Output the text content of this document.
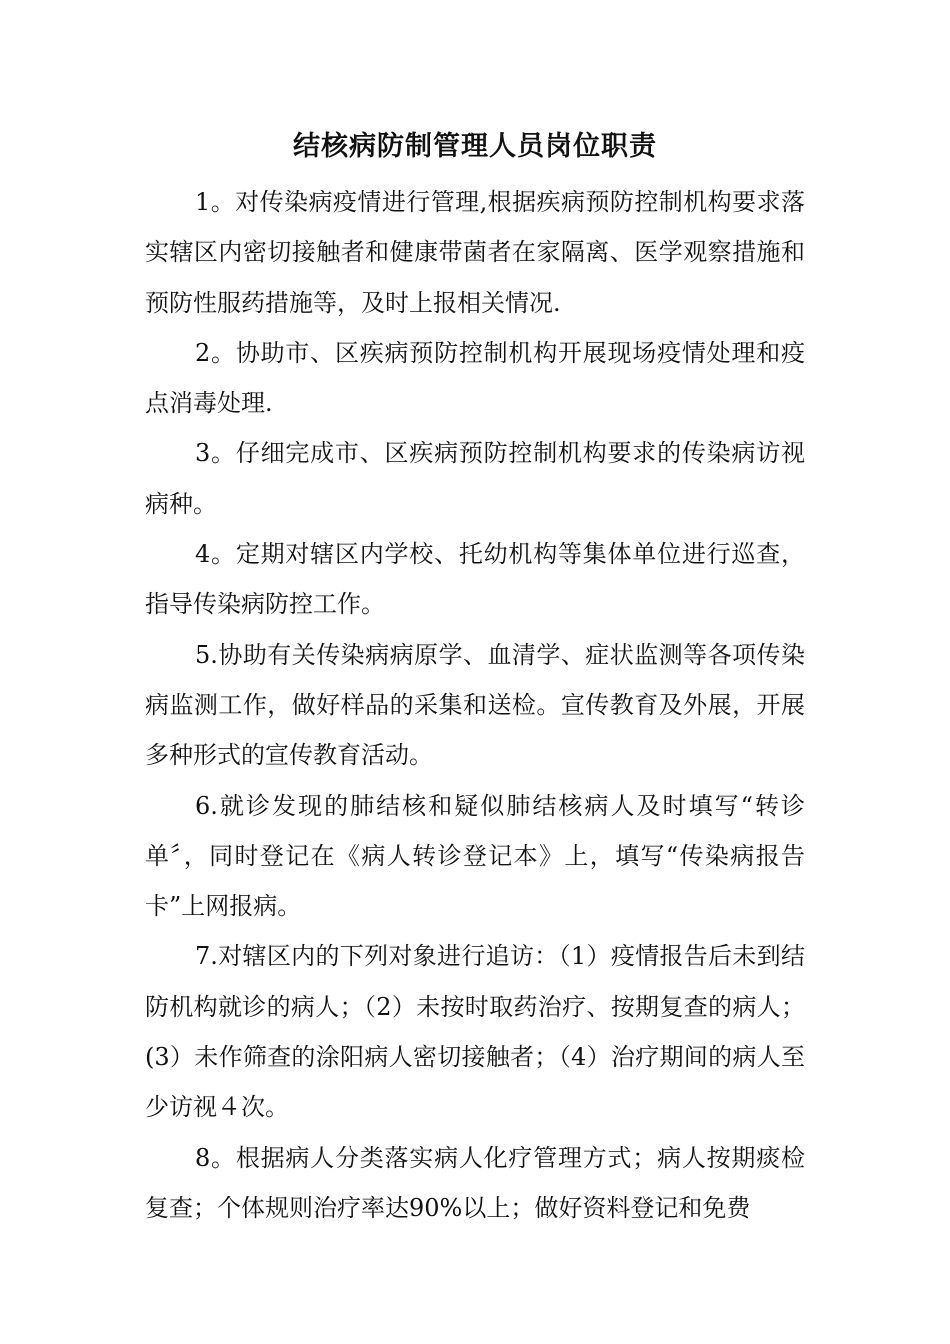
结核病防制管理人员岗位职责

1。对传染病疫情进行管理,根据疾病预防控制机构要求落实辖区内密切接触者和健康带菌者在家隔离、医学观察措施和预防性服药措施等，及时上报相关情况.

2。协助市、区疾病预防控制机构开展现场疫情处理和疫点消毒处理.

3。仔细完成市、区疾病预防控制机构要求的传染病访视病种。

4。定期对辖区内学校、托幼机构等集体单位进行巡查，指导传染病防控工作。

5.协助有关传染病病原学、血清学、症状监测等各项传染病监测工作，做好样品的采集和送检。宣传教育及外展，开展多种形式的宣传教育活动。

6.就诊发现的肺结核和疑似肺结核病人及时填写“转诊单〞，同时登记在《病人转诊登记本》上，填写“传染病报告卡”上网报病。

7.对辖区内的下列对象进行追访：（1）疫情报告后未到结防机构就诊的病人；（2）未按时取药治疗、按期复查的病人；(3）未作筛查的涂阳病人密切接触者；（4）治疗期间的病人至少访视４次。

8。根据病人分类落实病人化疗管理方式；病人按期痰检复查；个体规则治疗率达90%以上；做好资料登记和免费
